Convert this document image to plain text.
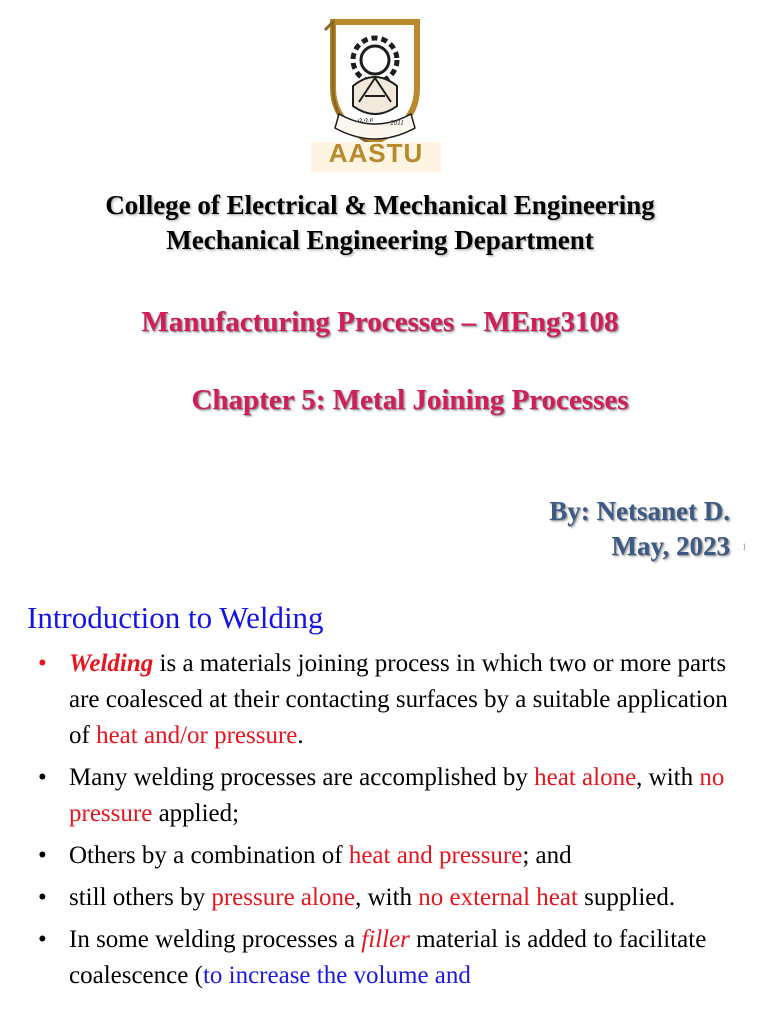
ሳ.ሳ.ዩ	2011
AASTU
College of Electrical & Mechanical Engineering
Mechanical Engineering Department
Manufacturing Processes – MEng3108
Chapter 5: Metal Joining Processes
By: Netsanet D.
May, 2023 1
Introduction to Welding
• Welding is a materials joining process in which two or more parts are coalesced at their contacting surfaces by a suitable application of heat and/or pressure.
• Many welding processes are accomplished by heat alone, with no pressure applied;
• Others by a combination of heat and pressure; and
• still others by pressure alone, with no external heat supplied.
• In some welding processes a filler material is added to facilitate coalescence (to increase the volume and
